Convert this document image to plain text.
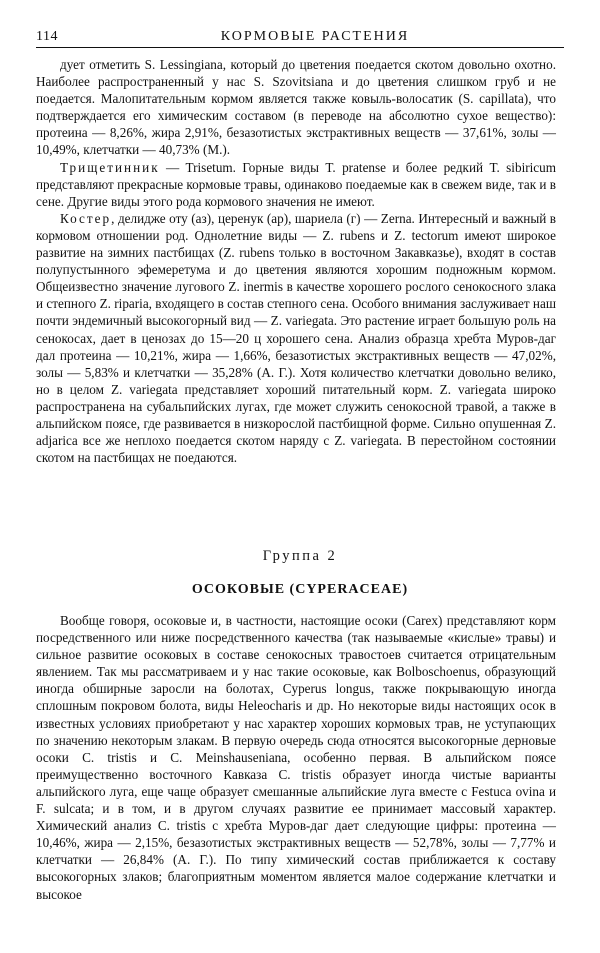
114	КОРМОВЫЕ РАСТЕНИЯ

дует отметить S. Lessingiana, который до цветения поедается скотом довольно охотно. Наиболее распространенный у нас S. Szovitsiana и до цветения слишком груб и не поедается. Малопитательным кормом является также ковыль-волосатик (S. capillata), что подтверждается его химическим составом (в переводе на абсолютно сухое вещество): протеина — 8,26%, жира 2,91%, безазотистых экстрактивных веществ — 37,61%, золы — 10,49%, клетчатки — 40,73% (М.).

Трищетинник — Trisetum. Горные виды T. pratense и более редкий T. sibiricum представляют прекрасные кормовые травы, одинаково поедаемые как в свежем виде, так и в сене. Другие виды этого рода кормового значения не имеют.

Костер, делидже оту (аз), церенук (ар), шариела (г) — Zerna. Интересный и важный в кормовом отношении род. Однолетние виды — Z. rubens и Z. tectorum имеют широкое развитие на зимних пастбищах (Z. rubens только в восточном Закавказье), входят в состав полупустынного эфемеретума и до цветения являются хорошим подножным кормом. Общеизвестно значение лугового Z. inermis в качестве хорошего рослого сенокосного злака и степного Z. riparia, входящего в состав степного сена. Особого внимания заслуживает наш почти эндемичный высокогорный вид — Z. variegata. Это растение играет большую роль на сенокосах, дает в ценозах до 15—20 ц хорошего сена. Анализ образца хребта Муров-даг дал протеина — 10,21%, жира — 1,66%, безазотистых экстрактивных веществ — 47,02%, золы — 5,83% и клетчатки — 35,28% (А. Г.). Хотя количество клетчатки довольно велико, но в целом Z. variegata представляет хороший питательный корм. Z. variegata широко распространена на субальпийских лугах, где может служить сенокосной травой, а также в альпийском поясе, где развивается в низкорослой пастбищной форме. Сильно опушенная Z. adjarica все же неплохо поедается скотом наряду с Z. variegata. В перестойном состоянии скотом на пастбищах не поедаются.

Группа 2
ОСОКОВЫЕ (CYPERACEAE)

Вообще говоря, осоковые и, в частности, настоящие осоки (Carex) представляют корм посредственного или ниже посредственного качества (так называемые «кислые» травы) и сильное развитие осоковых в составе сенокосных травостоев считается отрицательным явлением. Так мы рассматриваем и у нас такие осоковые, как Bolboschoenus, образующий иногда обширные заросли на болотах, Cyperus longus, также покрывающую иногда сплошным покровом болота, виды Heleocharis и др. Но некоторые виды настоящих осок в известных условиях приобретают у нас характер хороших кормовых трав, не уступающих по значению некоторым злакам. В первую очередь сюда относятся высокогорные дерновые осоки C. tristis и C. Meinshauseniana, особенно первая. В альпийском поясе преимущественно восточного Кавказа C. tristis образует иногда чистые варианты альпийского луга, еще чаще образует смешанные альпийские луга вместе с Festuca ovina и F. sulcata; и в том, и в другом случаях развитие ее принимает массовый характер. Химический анализ C. tristis с хребта Муров-даг дает следующие цифры: протеина — 10,46%, жира — 2,15%, безазотистых экстрактивных веществ — 52,78%, золы — 7,77% и клетчатки — 26,84% (А. Г.). По типу химический состав приближается к составу высокогорных злаков; благоприятным моментом является малое содержание клетчатки и высокое
